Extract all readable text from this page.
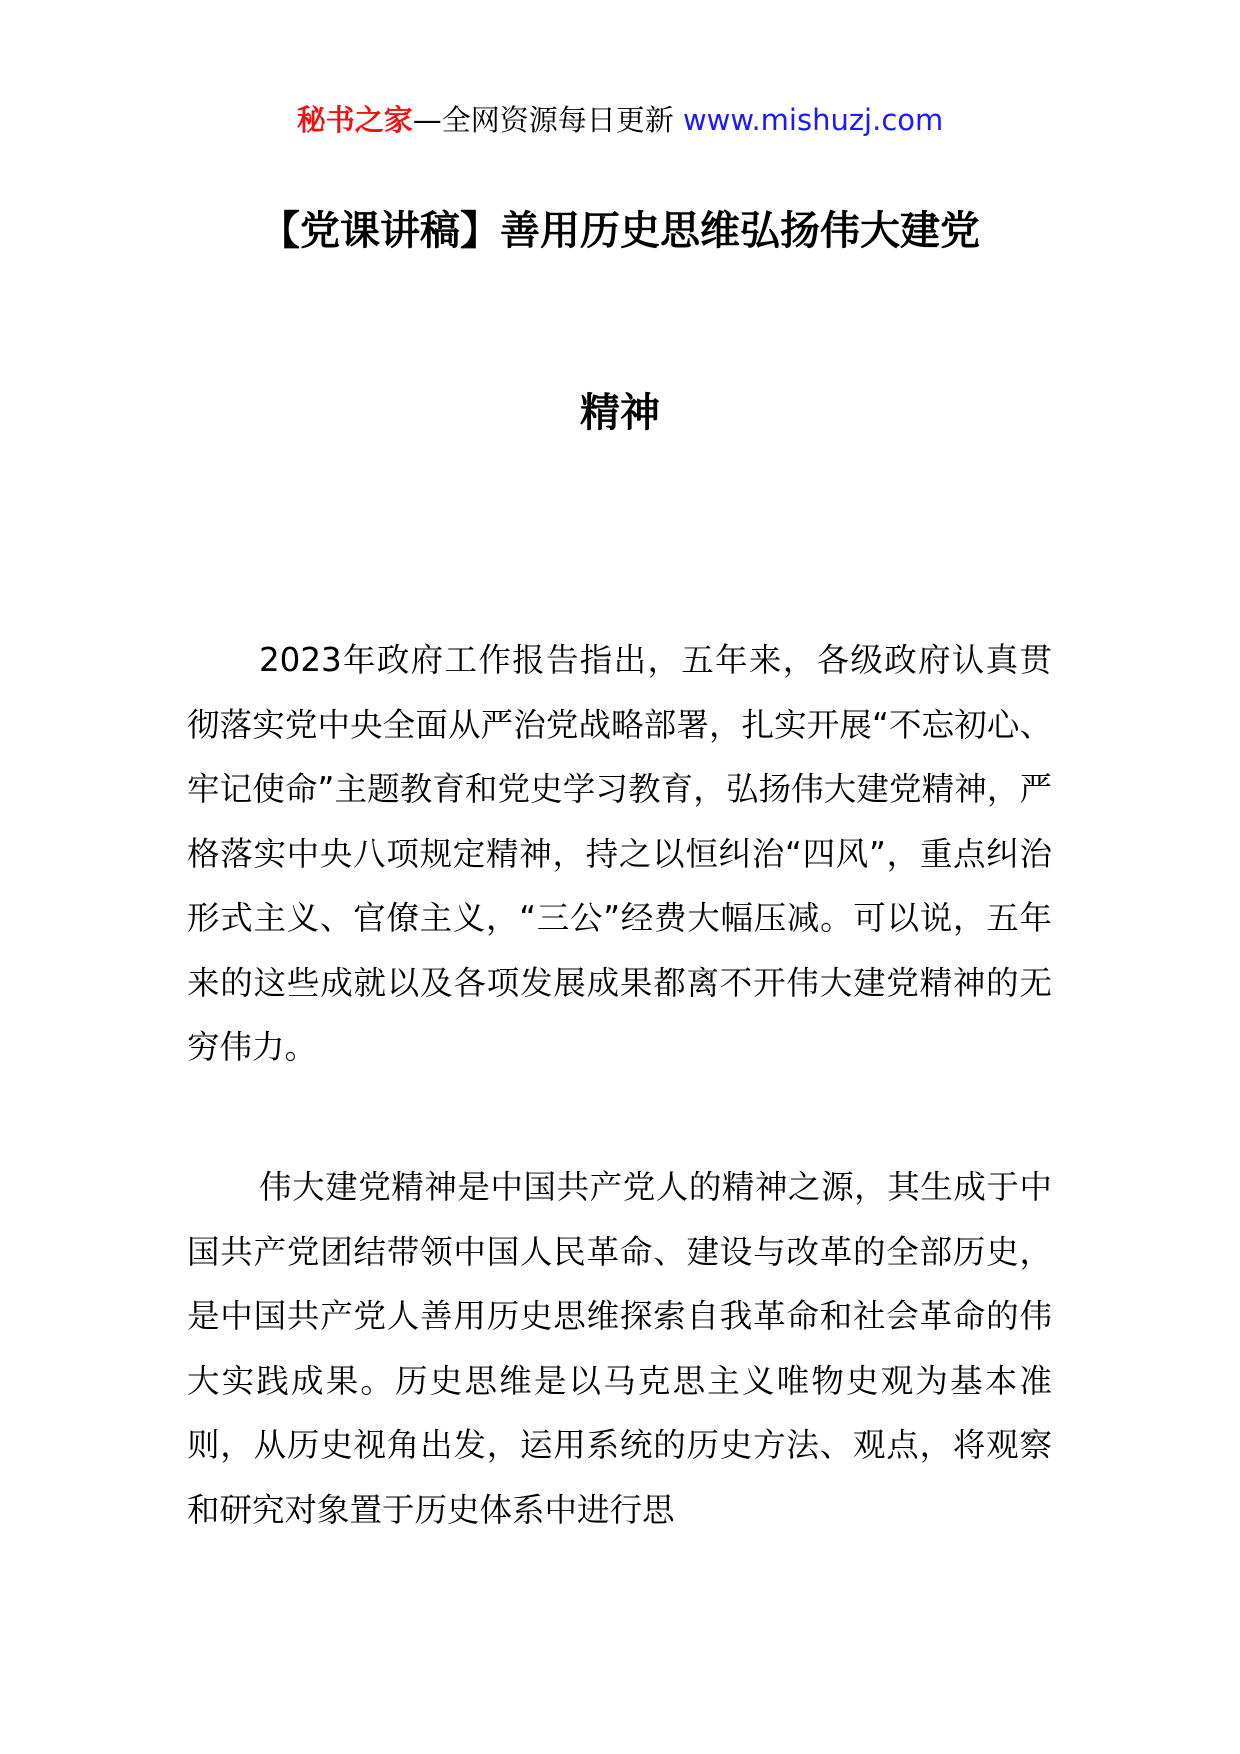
秘书之家—全网资源每日更新 www.mishuzj.com
【党课讲稿】善用历史思维弘扬伟大建党
精神

2023年政府工作报告指出，五年来，各级政府认真贯彻落实党中央全面从严治党战略部署，扎实开展“不忘初心、牢记使命”主题教育和党史学习教育，弘扬伟大建党精神，严格落实中央八项规定精神，持之以恒纠治“四风”，重点纠治形式主义、官僚主义，“三公”经费大幅压减。可以说，五年来的这些成就以及各项发展成果都离不开伟大建党精神的无穷伟力。

伟大建党精神是中国共产党人的精神之源，其生成于中国共产党团结带领中国人民革命、建设与改革的全部历史，是中国共产党人善用历史思维探索自我革命和社会革命的伟大实践成果。历史思维是以马克思主义唯物史观为基本准则，从历史视角出发，运用系统的历史方法、观点，将观察和研究对象置于历史体系中进行思
